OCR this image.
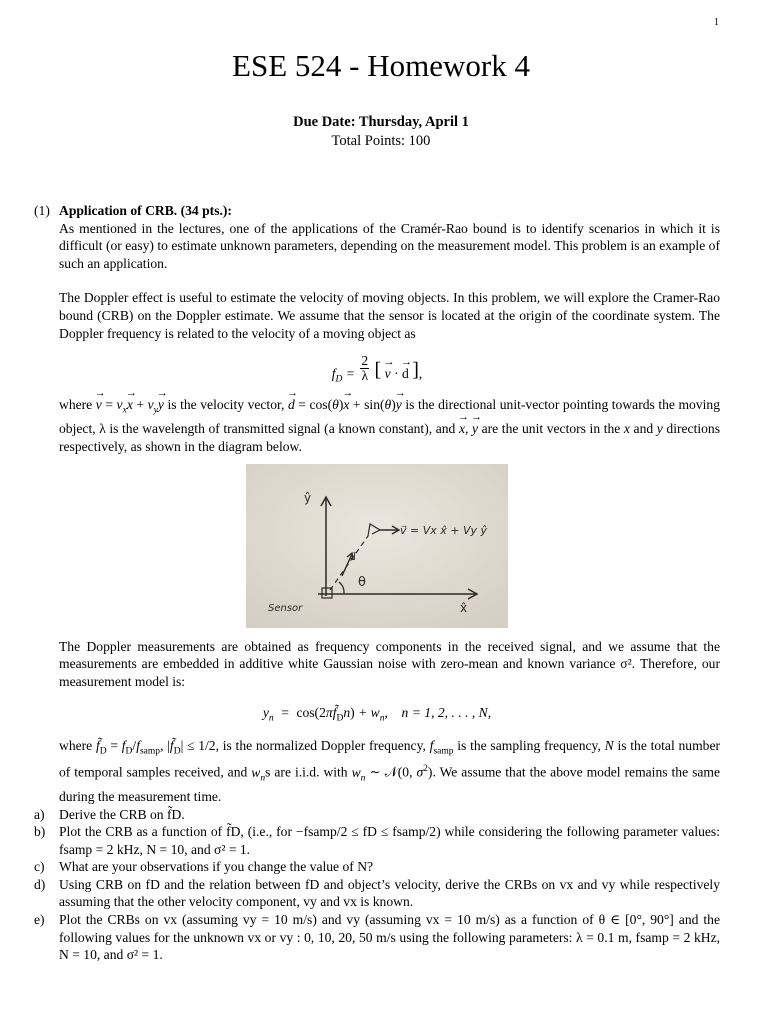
1
ESE 524 - Homework 4
Due Date: Thursday, April 1
Total Points: 100

(1) Application of CRB. (34 pts.):

As mentioned in the lectures, one of the applications of the Cramér-Rao bound is to identify scenarios in which it is difficult (or easy) to estimate unknown parameters, depending on the measurement model. This problem is an example of such an application.

The Doppler effect is useful to estimate the velocity of moving objects. In this problem, we will explore the Cramer-Rao bound (CRB) on the Doppler estimate. We assume that the sensor is located at the origin of the coordinate system. The Doppler frequency is related to the velocity of a moving object as

$f_D = \frac{2}{\lambda}$ [ → v · → d ],

where → $v = v_x\to x + v_y\to y$ is the velocity vector, → d = cos(θ)→ x + sin(θ)→ y is the directional unit-vector pointing towards the moving object, λ is the wavelength of transmitted signal (a known constant), and → x, → y are the unit vectors in the x and y directions respectively, as shown in the diagram below.

θ
d̂
v⃗ = Vx x̂ + Vy ŷ
Sensor	x̂
ŷ

The Doppler measurements are obtained as frequency components in the received signal, and we assume that the measurements are embedded in additive white Gaussian noise with zero-mean and known variance σ². Therefore, our measurement model is:

$y_n$  =  $\cos(2\pi f̃_Dn) + w_n$,    n = 1, 2, . . . , N,

where $f̃_D = f_D/f_{samp}$, $|f̃_D| \le 1/2$, is the normalized Doppler frequency, $f_{samp}$ is the sampling frequency, N is the total number of temporal samples received, and $w_ns$ are i.i.d. with $w_n$ ∼ 𝒩(0, $\sigma^2$). We assume that the above model remains the same during the measurement time.

a) Derive the CRB on f̃D.
b) Plot the CRB as a function of f̃D, (i.e., for −fsamp/2 ≤ fD ≤ fsamp/2) while considering the following parameter values: fsamp = 2 kHz, N = 10, and σ² = 1.
c) What are your observations if you change the value of N?
d) Using CRB on fD and the relation between fD and object’s velocity, derive the CRBs on vx and vy while respectively assuming that the other velocity component, vy and vx is known.
e) Plot the CRBs on vx (assuming vy = 10 m/s) and vy (assuming vx = 10 m/s) as a function of θ ∈ [0°, 90°] and the following values for the unknown vx or vy : 0, 10, 20, 50 m/s using the following parameters: λ = 0.1 m, fsamp = 2 kHz, N = 10, and σ² = 1.
